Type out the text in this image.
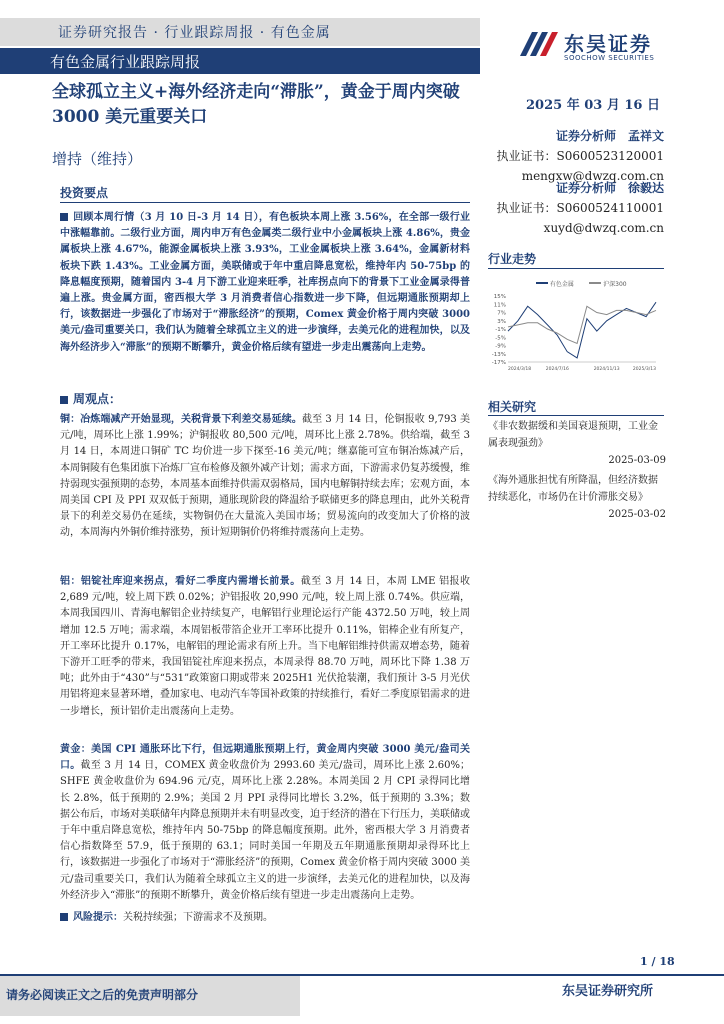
证券研究报告 · 行业跟踪周报 · 有色金属	东吴证券
SOOCHOW SECURITIES
有色金属行业跟踪周报
全球孤立主义+海外经济走向“滞胀”，黄金于周内突破 3000 美元重要关口
增持（维持）
2025 年 03 月 16 日
证券分析师　孟祥文
执业证书：S0600523120001
mengxw@dwzq.com.cn
证券分析师　徐毅达
执业证书：S0600524110001
xuyd@dwzq.com.cn
投资要点
回顾本周行情（3 月 10 日-3 月 14 日），有色板块本周上涨 3.56%，在全部一级行业中涨幅靠前。二级行业方面，周内申万有色金属类二级行业中小金属板块上涨 4.86%，贵金属板块上涨 4.67%，能源金属板块上涨 3.93%，工业金属板块上涨 3.64%，金属新材料板块下跌 1.43%。工业金属方面，美联储或于年中重启降息宽松，维持年内 50-75bp 的降息幅度预期，随着国内 3-4 月下游工业迎来旺季，社库拐点向下的背景下工业金属录得普遍上涨。贵金属方面，密西根大学 3 月消费者信心指数进一步下降，但远期通胀预期却上行，该数据进一步强化了市场对于“滞胀经济”的预期，Comex 黄金价格于周内突破 3000 美元/盎司重要关口，我们认为随着全球孤立主义的进一步演绎，去美元化的进程加快，以及海外经济步入“滞胀”的预期不断攀升，黄金价格后续有望进一步走出震荡向上走势。
周观点：
铜：冶炼端减产开始显现，关税背景下利差交易延续。截至 3 月 14 日，伦铜报收 9,793 美元/吨，周环比上涨 1.99%；沪铜报收 80,500 元/吨，周环比上涨 2.78%。供给端，截至 3 月 14 日，本周进口铜矿 TC 均价进一步下探至-16 美元/吨；继嘉能可宣布铜冶炼减产后，本周铜陵有色集团旗下冶炼厂宣布检修及额外减产计划；需求方面，下游需求仍复苏缓慢，维持弱现实强预期的态势，本周基本面维持供需双弱格局，国内电解铜持续去库；宏观方面，本周美国 CPI 及 PPI 双双低于预期，通胀现阶段的降温给予联储更多的降息理由，此外关税背景下的利差交易仍在延续，实物铜仍在大量流入美国市场；贸易流向的改变加大了价格的波动，本周海内外铜价维持涨势，预计短期铜价仍将维持震荡向上走势。
铝：铝锭社库迎来拐点，看好二季度内需增长前景。截至 3 月 14 日，本周 LME 铝报收 2,689 元/吨，较上周下跌 0.02%；沪铝报收 20,990 元/吨，较上周上涨 0.74%。供应端，本周我国四川、青海电解铝企业持续复产，电解铝行业理论运行产能 4372.50 万吨，较上周增加 12.5 万吨；需求端，本周铝板带箔企业开工率环比提升 0.11%，铝棒企业有所复产，开工率环比提升 0.17%，电解铝的理论需求有所上升。当下电解铝维持供需双增态势，随着下游开工旺季的带来，我国铝锭社库迎来拐点，本周录得 88.70 万吨，周环比下降 1.38 万吨；此外由于“430”与“531”政策窗口期或带来 2025H1 光伏抢装潮，我们预计 3-5 月光伏用铝将迎来显著环增，叠加家电、电动汽车等国补政策的持续推行，看好二季度原铝需求的进一步增长，预计铝价走出震荡向上走势。
黄金：美国 CPI 通胀环比下行，但远期通胀预期上行，黄金周内突破 3000 美元/盎司关口。截至 3 月 14 日，COMEX 黄金收盘价为 2993.60 美元/盎司，周环比上涨 2.60%；SHFE 黄金收盘价为 694.96 元/克，周环比上涨 2.28%。本周美国 2 月 CPI 录得同比增长 2.8%，低于预期的 2.9%；美国 2 月 PPI 录得同比增长 3.2%，低于预期的 3.3%；数据公布后，市场对美联储年内降息预期并未有明显改变，迫于经济的潜在下行压力，美联储或于年中重启降息宽松，维持年内 50-75bp 的降息幅度预期。此外，密西根大学 3 月消费者信心指数降至 57.9，低于预期的 63.1；同时美国一年期及五年期通胀预期却录得环比上行，该数据进一步强化了市场对于“滞胀经济”的预期，Comex 黄金价格于周内突破 3000 美元/盎司重要关口，我们认为随着全球孤立主义的进一步演绎，去美元化的进程加快，以及海外经济步入“滞胀”的预期不断攀升，黄金价格后续有望进一步走出震荡向上走势。
风险提示：关税持续强；下游需求不及预期。
行业走势
有色金属	沪深300
15%
11%
7%
3%
-1%
-5%
-9%
-13%
-17%
2024/3/18	2024/7/16	2024/11/13	2025/3/13
相关研究
《非农数据缓和美国衰退预期，工业金属表现强劲》
2025-03-09
《海外通胀担忧有所降温，但经济数据持续恶化，市场仍在计价滞胀交易》
2025-03-02
1 / 18
请务必阅读正文之后的免责声明部分	东吴证券研究所
